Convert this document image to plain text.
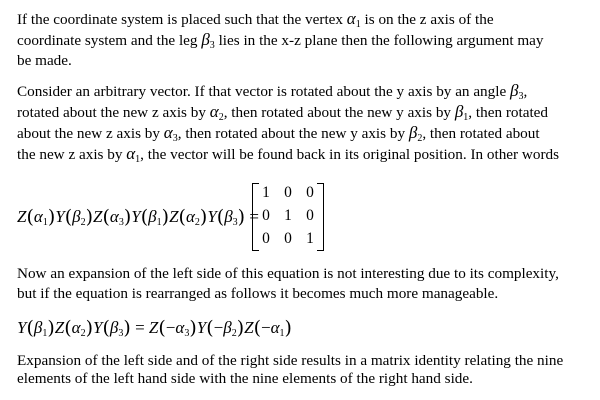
If the coordinate system is placed such that the vertex $\alpha_1$ is on the z axis of the
coordinate system and the leg $\beta_3$ lies in the x-z plane then the following argument may
be made.

Consider an arbitrary vector. If that vector is rotated about the y axis by an angle $\beta_3$,
rotated about the new z axis by $\alpha_2$, then rotated about the new y axis by $\beta_1$, then rotated
about the new z axis by $\alpha_3$, then rotated about the new y axis by $\beta_2$, then rotated about
the new z axis by $\alpha_1$, the vector will be found back in its original position. In other words

$Z(\alpha_1)Y(\beta_2)Z(\alpha_3)Y(\beta_1)Z(\alpha_2)Y(\beta_3)$ =
1 0 0
0 1 0
0 0 1

Now an expansion of the left side of this equation is not interesting due to its complexity,
but if the equation is rearranged as follows it becomes much more manageable.

$Y(\beta_1)Z(\alpha_2)Y(\beta_3) = Z(-\alpha_3)Y(-\beta_2)Z(-\alpha_1)$

Expansion of the left side and of the right side results in a matrix identity relating the nine
elements of the left hand side with the nine elements of the right hand side.
